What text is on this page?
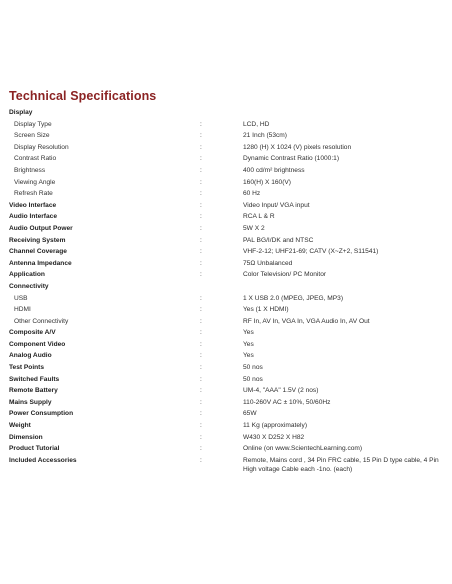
Technical Specifications
Display
Display Type	:	LCD, HD
Screen Size	:	21 Inch (53cm)
Display Resolution	:	1280 (H) X 1024 (V) pixels resolution
Contrast Ratio	:	Dynamic Contrast Ratio (1000:1)
Brightness	:	400 cd/m² brightness
Viewing Angle	:	160(H) X 160(V)
Refresh Rate	:	60 Hz
Video Interface	:	Video Input/ VGA input
Audio Interface	:	RCA L & R
Audio Output Power	:	5W X 2
Receiving System	:	PAL BG/I/DK and NTSC
Channel Coverage	:	VHF-2-12; UHF21-69; CATV (X~Z+2, S11541)
Antenna Impedance	:	75Ω Unbalanced
Application	:	Color Television/ PC Monitor
Connectivity
USB	:	1 X USB 2.0 (MPEG, JPEG, MP3)
HDMI	:	Yes (1 X HDMI)
Other Connectivity	:	RF In, AV In, VGA In, VGA Audio In, AV Out
Composite A/V	:	Yes
Component Video	:	Yes
Analog Audio	:	Yes
Test Points	:	50 nos
Switched Faults	:	50 nos
Remote Battery	:	UM-4, "AAA" 1.5V (2 nos)
Mains Supply	:	110-260V AC ± 10%, 50/60Hz
Power Consumption	:	65W
Weight	:	11 Kg (approximately)
Dimension	:	W430 X D252 X H82
Product Tutorial	:	Online (on www.ScientechLearning.com)
Included Accessories	:	Remote, Mains cord , 34 Pin FRC cable, 15 Pin D type cable, 4 Pin High voltage Cable each -1no. (each)
